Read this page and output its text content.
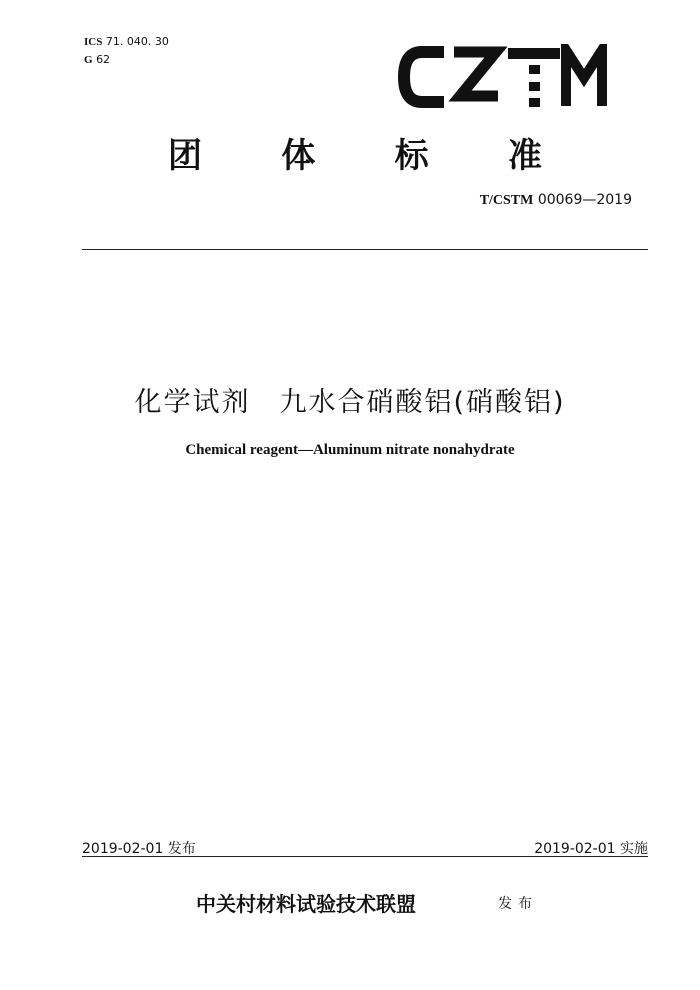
ICS 71. 040. 30
G 62
团 体 标 准
T/CSTM 00069—2019
化学试剂　九水合硝酸铝(硝酸铝)
Chemical reagent—Aluminum nitrate nonahydrate
2019-02-01 发布	2019-02-01 实施
中关村材料试验技术联盟	发布
